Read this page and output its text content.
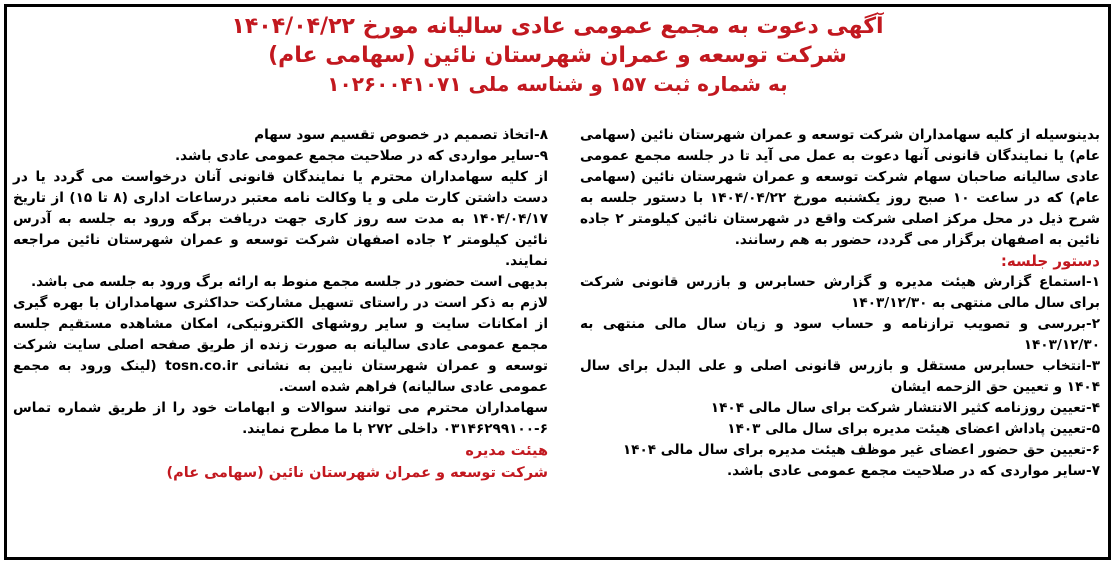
آگهی دعوت به مجمع عمومی عادی سالیانه مورخ ۱۴۰۴/۰۴/۲۲
شرکت توسعه و عمران شهرستان نائین (سهامی عام)
به شماره ثبت ۱۵۷ و شناسه ملی ۱۰۲۶۰۰۴۱۰۷۱

بدینوسیله از کلیه سهامداران شرکت توسعه و عمران شهرستان نائین (سهامی عام) یا نمایندگان قانونی آنها دعوت به عمل می آید تا در جلسه مجمع عمومی عادی سالیانه صاحبان سهام شرکت توسعه و عمران شهرستان نائین (سهامی عام) که در ساعت ۱۰ صبح روز یکشنبه مورخ ۱۴۰۴/۰۴/۲۲ با دستور جلسه به شرح ذیل در محل مرکز اصلی شرکت واقع در شهرستان نائین کیلومتر ۲ جاده نائین به اصفهان برگزار می گردد، حضور به هم رسانند.

دستور جلسه:

۱-استماع گزارش هیئت مدیره و گزارش حسابرس و بازرس قانونی شرکت برای سال مالی منتهی به ۱۴۰۳/۱۲/۳۰

۲-بررسی و تصویب ترازنامه و حساب سود و زیان سال مالی منتهی به ۱۴۰۳/۱۲/۳۰

۳-انتخاب حسابرس مستقل و بازرس قانونی اصلی و علی البدل برای سال ۱۴۰۴ و تعیین حق الزحمه ایشان

۴-تعیین روزنامه کثیر الانتشار شرکت برای سال مالی ۱۴۰۴

۵-تعیین پاداش اعضای هیئت مدیره برای سال مالی ۱۴۰۳

۶-تعیین حق حضور اعضای غیر موظف هیئت مدیره برای سال مالی ۱۴۰۴

۷-سایر مواردی که در صلاحیت مجمع عمومی عادی باشد.

۸-اتخاذ تصمیم در خصوص تقسیم سود سهام

۹-سایر مواردی که در صلاحیت مجمع عمومی عادی باشد.

از کلیه سهامداران محترم یا نمایندگان قانونی آنان درخواست می گردد یا در دست داشتن کارت ملی و یا وکالت نامه معتبر درساعات اداری (۸ تا ۱۵) از تاریخ ۱۴۰۴/۰۴/۱۷ به مدت سه روز کاری جهت دریافت برگه ورود به جلسه به آدرس نائین کیلومتر ۲ جاده اصفهان شرکت توسعه و عمران شهرستان نائین مراجعه نمایند.

بدیهی است حضور در جلسه مجمع منوط به ارائه برگ ورود به جلسه می باشد.

لازم به ذکر است در راستای تسهیل مشارکت حداکثری سهامداران با بهره گیری از امکانات سایت و سایر روشهای الکترونیکی، امکان مشاهده مستقیم جلسه مجمع عمومی عادی سالیانه به صورت زنده از طریق صفحه اصلی سایت شرکت توسعه و عمران شهرستان نایین به نشانی tosn.co.ir (لینک ورود به مجمع عمومی عادی سالیانه) فراهم شده است.

سهامداران محترم می توانند سوالات و ابهامات خود را از طریق شماره تماس ۶-۰۳۱۴۶۲۹۹۱۰۰ داخلی ۲۷۲ با ما مطرح نمایند.

هیئت مدیره
شرکت توسعه و عمران شهرستان نائین (سهامی عام)
